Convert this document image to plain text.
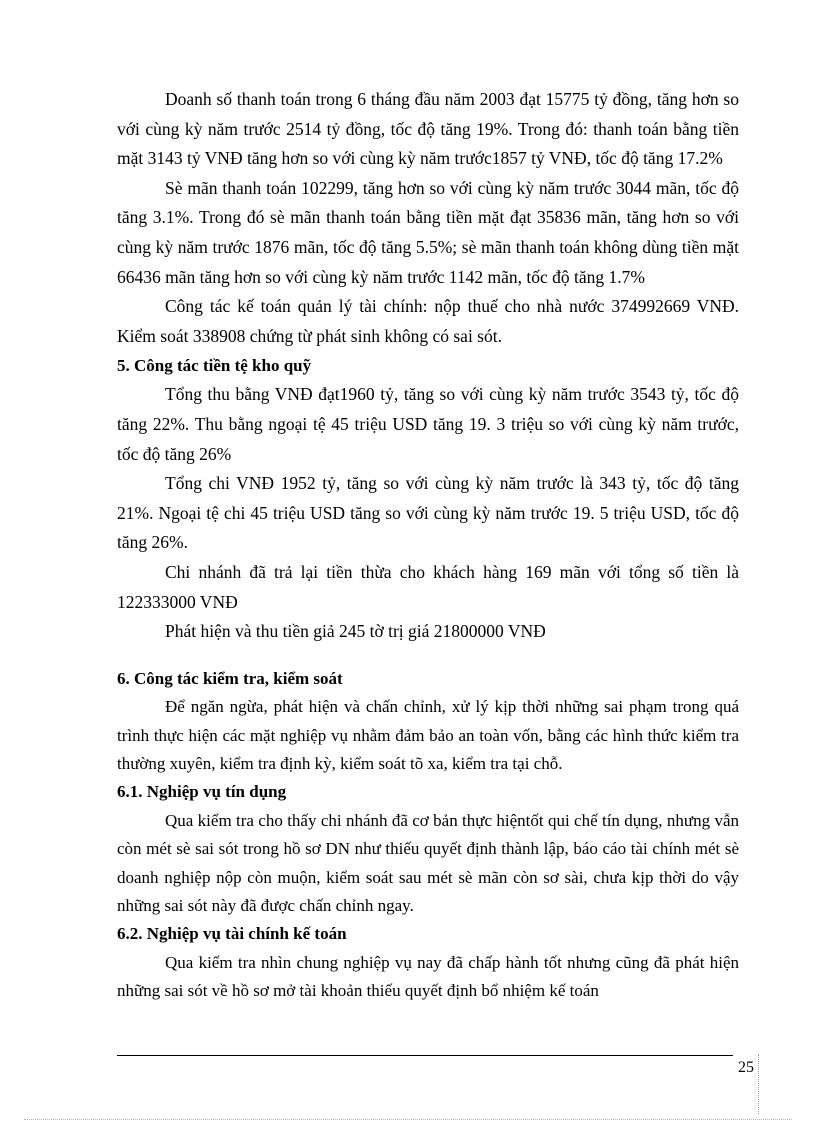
Doanh số thanh toán trong 6 tháng đầu năm 2003 đạt 15775 tỷ đồng, tăng hơn so với cùng kỳ năm trước 2514 tỷ đồng, tốc độ tăng 19%. Trong đó: thanh toán bằng tiền mặt 3143 tỷ VNĐ tăng hơn so với cùng kỳ năm trước1857 tỷ VNĐ, tốc độ tăng 17.2%

Sè mãn thanh toán 102299, tăng hơn so với cùng kỳ năm trước 3044 mãn, tốc độ tăng 3.1%. Trong đó sè mãn thanh toán bằng tiền mặt đạt 35836 mãn, tăng hơn so với cùng kỳ năm trước 1876 mãn, tốc độ tăng 5.5%; sè mãn thanh toán không dùng tiền mặt 66436 mãn tăng hơn so với cùng kỳ năm trước 1142 mãn, tốc độ tăng 1.7%

Công tác kế toán quản lý tài chính: nộp thuế cho nhà nước 374992669 VNĐ. Kiểm soát 338908 chứng từ phát sinh không có sai sót.

5. Công tác tiền tệ kho quỹ

Tổng thu bằng VNĐ đạt1960 tỷ, tăng so với cùng kỳ năm trước 3543 tỷ, tốc độ tăng 22%. Thu bằng ngoại tệ 45 triệu USD tăng 19. 3 triệu so với cùng kỳ năm trước, tốc độ tăng 26%

Tổng chi VNĐ 1952 tỷ, tăng so với cùng kỳ năm trước là 343 tỷ, tốc độ tăng 21%. Ngoại tệ chi 45 triệu USD tăng so với cùng kỳ năm trước 19. 5 triệu USD, tốc độ tăng 26%.

Chi nhánh đã trả lại tiền thừa cho khách hàng 169 mãn với tổng số tiền là 122333000 VNĐ

Phát hiện và thu tiền giả 245 tờ trị giá 21800000 VNĐ

6. Công tác kiểm tra, kiểm soát

Để ngăn ngừa, phát hiện và chấn chỉnh, xử lý kịp thời những sai phạm trong quá trình thực hiện các mặt nghiệp vụ nhằm đảm bảo an toàn vốn, bằng các hình thức kiểm tra thường xuyên, kiểm tra định kỳ, kiểm soát tõ xa, kiểm tra tại chỗ.

6.1. Nghiệp vụ tín dụng

Qua kiểm tra cho thấy chi nhánh đã cơ bản thực hiệntốt qui chế tín dụng, nhưng vẫn còn mét sè sai sót trong hồ sơ DN như thiếu quyết định thành lập, báo cáo tài chính mét sè doanh nghiệp nộp còn muộn, kiểm soát sau mét sè mãn còn sơ sài, chưa kịp thời do vậy những sai sót này đã được chấn chỉnh ngay.

6.2. Nghiệp vụ tài chính kế toán

Qua kiểm tra nhìn chung nghiệp vụ nay đã chấp hành tốt nhưng cũng đã phát hiện những sai sót về hồ sơ mở tài khoản thiếu quyết định bổ nhiệm kế toán

25
